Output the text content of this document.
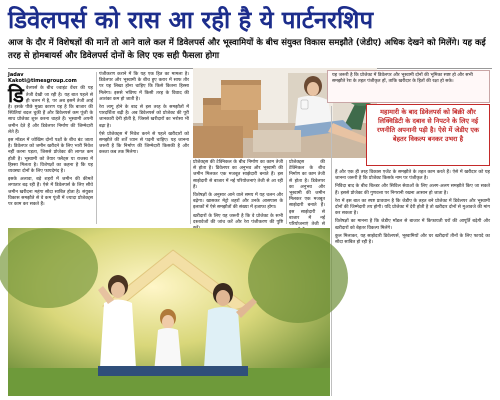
डिवेलपर्स को रास आ रही है ये पार्टनरशिप
आज के दौर में विशेषज्ञों की मानें तो आने वाले कल में डिवेलपर्स और भूस्वामियों के बीच संयुक्त विकास समझौते (जेडीए) अधिक देखने को मिलेंगे। यह कई तरह से होमबायर्स और डिवेलपर्स दोनों के लिए एक सही फैसला होगा
Jadav Kakoti@timesgroup.com
डि वेलपर्स के बीच ज्वाइंट वेंचर की यह तेजी देखी जा रही है। यह बात पहले से ही चलन में है, पर अब इसमें तेजी आई है। इसके पीछे मुख्य कारण यह है कि बाजार की स्थितियां बदल चुकी हैं और डिवेलपर्स कम पूंजी के साथ प्रोजेक्ट शुरू करना चाहते हैं। भूस्वामी अपनी जमीन देते हैं और डिवेलपर निर्माण की जिम्मेदारी लेते हैं।

इस मॉडल में जोखिम दोनों पक्षों के बीच बंट जाता है। डिवेलपर को जमीन खरीदने के लिए भारी निवेश नहीं करना पड़ता, जिससे प्रोजेक्ट की लागत कम होती है। भूस्वामी को तैयार फ्लैट्स या राजस्व में हिस्सा मिलता है। विशेषज्ञों का कहना है कि यह व्यवस्था दोनों के लिए फायदेमंद है।

इसके अलावा, बड़े शहरों में जमीन की कीमतें लगातार बढ़ रही हैं। ऐसे में डिवेलपर्स के लिए सीधे जमीन खरीदना महंगा सौदा साबित होता है। संयुक्त विकास समझौते से वे कम पूंजी में ज्यादा प्रोजेक्ट्स पर काम कर सकते हैं।

पंजीकरण कराने में कि यह एक हित का मामला है। डिवेलपर और भूस्वामी के बीच हुए करार में साफ तौर पर यह लिखा होना चाहिए कि किसे कितना हिस्सा मिलेगा। इससे भविष्य में किसी तरह के विवाद की आशंका कम हो जाती है।

रेरा लागू होने के बाद से इस तरह के समझौतों में पारदर्शिता बढ़ी है। अब डिवेलपर्स को प्रोजेक्ट की पूरी जानकारी देनी होती है, जिससे खरीदारों का भरोसा भी बढ़ा है।

ऐसे प्रोजेक्ट्स में निवेश करने से पहले खरीदारों को समझौते की शर्तें ध्यान से पढ़नी चाहिए। यह जानना जरूरी है कि निर्माण की जिम्मेदारी किसकी है और कब्जा कब तक मिलेगा।

प्रोजेक्ट्स की टेक्निकल के बीच निर्माण का काम तेजी से होता है। डिवेलपर का अनुभव और भूस्वामी की जमीन मिलकर एक मजबूत साझेदारी बनाते हैं। इस साझेदारी से बाजार में नई परियोजनाएं तेजी से आ रही हैं।

विशेषज्ञों के अनुसार आने वाले समय में यह चलन और बढ़ेगा। खासकर मेट्रो शहरों और उनके आसपास के इलाकों में ऐसे समझौतों की संख्या में इजाफा होगा।

खरीदारों के लिए यह जरूरी है कि वे प्रोजेक्ट के सभी दस्तावेजों की जांच करें और रेरा पंजीकरण की पुष्टि

प्रोजेक्ट्स की टेक्निकल के बीच निर्माण का काम तेजी से होता है। डिवेलपर का अनुभव और भूस्वामी की जमीन मिलकर एक मजबूत साझेदारी बनाते हैं। इस साझेदारी से बाजार में नई परियोजनाएं तेजी से

यह जरूरी है कि प्रोजेक्ट में डिवेलपर और भूस्वामी दोनों की भूमिका स्पष्ट हो और सभी समझौते रेरा के तहत पंजीकृत हों, ताकि खरीदार के हितों की रक्षा हो सके।
महामारी के बाद डिवेलपर्स को बिक्री और लिक्विडिटी के दबाव से निपटने के लिए नई रणनीति अपनानी पड़ी है। ऐसे में जेडीए एक बेहतर विकल्प बनकर उभरा है

हैं और एक ही तरह विकास एजेंट के समझौते के तहत काम करते हैं। ऐसे में खरीदार को यह जानना जरूरी है कि प्रोजेक्ट किसके नाम पर पंजीकृत है।

निविदा बाद के बीच बिल्डर और सिविल सेवाओं के लिए अलग-अलग समझौते किए जा सकते हैं। इससे प्रोजेक्ट की गुणवत्ता पर निगरानी रखना आसान हो जाता है।

रेरा में इस बात का स्पष्ट प्रावधान है कि जेडीए के तहत बने प्रोजेक्ट में डिवेलपर और भूस्वामी दोनों की जिम्मेदारी तय होगी। यदि प्रोजेक्ट में देरी होती है तो खरीदार दोनों से मुआवजे की मांग कर सकता है।

विशेषज्ञों का मानना है कि जेडीए मॉडल से बाजार में किफायती घरों की आपूर्ति बढ़ेगी और खरीदारों को बेहतर विकल्प मिलेंगे।

कुल मिलाकर, यह साझेदारी डिवेलपर्स, भूस्वामियों और घर खरीदारों तीनों के लिए फायदे का सौदा साबित हो रही है।
